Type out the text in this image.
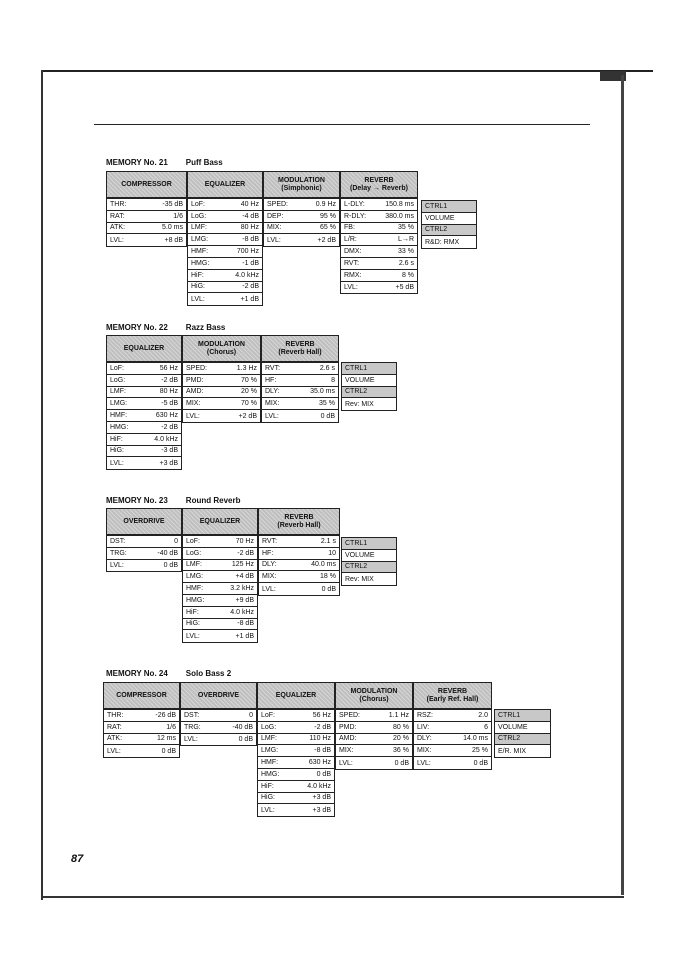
MEMORY No. 21 Puff Bass
COMPRESSOR
THR:	-35 dB
RAT:	1/6
ATK:	5.0 ms
LVL:	+8 dB
EQUALIZER
LoF:	40 Hz
LoG:	-4 dB
LMF:	80 Hz
LMG:	-8 dB
HMF:	700 Hz
HMG:	-1 dB
HiF:	4.0 kHz
HiG:	-2 dB
LVL:	+1 dB
MODULATION
(Simphonic)
SPED:	0.9 Hz
DEP:	95 %
MIX:	65 %
LVL:	+2 dB
REVERB
(Delay → Reverb)
L-DLY:	150.8 ms
R-DLY:	380.0 ms
FB:	35 %
L/R:	L→R
DMX:	33 %
RVT:	2.6 s
RMX:	8 %
LVL:	+5 dB
CTRL1
VOLUME
CTRL2
R&D: RMX
MEMORY No. 22 Razz Bass
EQUALIZER
LoF:	56 Hz
LoG:	-2 dB
LMF:	80 Hz
LMG:	-5 dB
HMF:	630 Hz
HMG:	-2 dB
HiF:	4.0 kHz
HiG:	-3 dB
LVL:	+3 dB
MODULATION
(Chorus)
SPED:	1.3 Hz
PMD:	70 %
AMD:	20 %
MIX:	70 %
LVL:	+2 dB
REVERB
(Reverb Hall)
RVT:	2.6 s
HF:	8
DLY:	35.0 ms
MIX:	35 %
LVL:	0 dB
CTRL1
VOLUME
CTRL2
Rev: MIX
MEMORY No. 23 Round Reverb
OVERDRIVE
DST:	0
TRG:	-40 dB
LVL:	0 dB
EQUALIZER
LoF:	70 Hz
LoG:	-2 dB
LMF:	125 Hz
LMG:	+4 dB
HMF:	3.2 kHz
HMG:	+9 dB
HiF:	4.0 kHz
HiG:	-8 dB
LVL:	+1 dB
REVERB
(Reverb Hall)
RVT:	2.1 s
HF:	10
DLY:	40.0 ms
MIX:	18 %
LVL:	0 dB
CTRL1
VOLUME
CTRL2
Rev: MIX
MEMORY No. 24 Solo Bass 2
COMPRESSOR
THR:	-26 dB
RAT:	1/6
ATK:	12 ms
LVL:	0 dB
OVERDRIVE
DST:	0
TRG:	-40 dB
LVL:	0 dB
EQUALIZER
LoF:	56 Hz
LoG:	-2 dB
LMF:	110 Hz
LMG:	-8 dB
HMF:	630 Hz
HMG:	0 dB
HiF:	4.0 kHz
HiG:	+3 dB
LVL:	+3 dB
MODULATION
(Chorus)
SPED:	1.1 Hz
PMD:	80 %
AMD:	20 %
MIX:	36 %
LVL:	0 dB
REVERB
(Early Ref. Hall)
RSZ:	2.0
LIV:	6
DLY:	14.0 ms
MIX:	25 %
LVL:	0 dB
CTRL1
VOLUME
CTRL2
E/R. MIX
87
